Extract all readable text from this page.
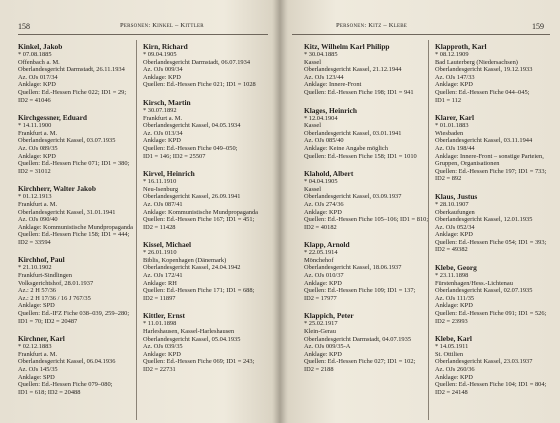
158	Personen: Kinkel – Kittler
Kinkel, Jakob
* 07.08.1885
Offenbach a. M.
Oberlandesgericht Darmstadt, 26.11.1934
Az. OJs 017/34
Anklage: KPD
Quellen: Ed.-Hessen Fiche 022; ID1 = 29;
ID2 = 41046
Kirchgessner, Eduard
* 14.11.1900
Frankfurt a. M.
Oberlandesgericht Kassel, 03.07.1935
Az. OJs 089/35
Anklage: KPD
Quellen: Ed.-Hessen Fiche 071; ID1 = 380;
ID2 = 31012
Kirchherr, Walter Jakob
* 01.12.1913
Frankfurt a. M.
Oberlandesgericht Kassel, 31.01.1941
Az. OJs 090/40
Anklage: Kommunistische Mundpropaganda
Quellen: Ed.-Hessen Fiche 158; ID1 = 444;
ID2 = 33594
Kirchhof, Paul
* 21.10.1902
Frankfurt-Sindlingen
Volksgerichtshof, 28.01.1937
Az.: 2 H 57/36
Az.: 2 H 17/36 / 16 J 767/35
Anklage: SPD
Quellen: Ed.-IFZ Fiche 038–039, 259–280;
ID1 = 70; ID2 = 20487
Kirchner, Karl
* 02.12.1883
Frankfurt a. M.
Oberlandesgericht Kassel, 06.04.1936
Az. OJs 145/35
Anklage: SPD
Quellen: Ed.-Hessen Fiche 079–080;
ID1 = 618; ID2 = 20488
Kirn, Richard
* 09.04.1905
Oberlandesgericht Darmstadt, 06.07.1934
Az. OJs 009/34
Anklage: KPD
Quellen: Ed.-Hessen Fiche 021; ID1 = 1028
Kirsch, Martin
* 30.07.1892
Frankfurt a. M.
Oberlandesgericht Kassel, 04.05.1934
Az. OJs 013/34
Anklage: KPD
Quellen: Ed.-Hessen Fiche 049–050;
ID1 = 146; ID2 = 25507
Kirvel, Heinrich
* 16.11.1910
Neu-Isenburg
Oberlandesgericht Kassel, 26.09.1941
Az. OJs 087/41
Anklage: Kommunistische Mundpropaganda
Quellen: Ed.-Hessen Fiche 167; ID1 = 451;
ID2 = 11428
Kissel, Michael
* 26.01.1910
Biblis, Kopenhagen (Dänemark)
Oberlandesgericht Kassel, 24.04.1942
Az. OJs 172/41
Anklage: RH
Quellen: Ed.-Hessen Fiche 171; ID1 = 688;
ID2 = 11897
Kittler, Ernst
* 11.01.1898
Harleshausen, Kassel-Harleshausen
Oberlandesgericht Kassel, 05.04.1935
Az. OJs 039/35
Anklage: KPD
Quellen: Ed.-Hessen Fiche 069; ID1 = 243;
ID2 = 22731
Personen: Kitz – Klebe	159
Kitz, Wilhelm Karl Philipp
* 30.04.1885
Kassel
Oberlandesgericht Kassel, 21.12.1944
Az. OJs 123/44
Anklage: Innere-Front
Quellen: Ed.-Hessen Fiche 198; ID1 = 941
Klages, Heinrich
* 12.04.1904
Kassel
Oberlandesgericht Kassel, 03.01.1941
Az. OJs 085/40
Anklage: Keine Angabe möglich
Quellen: Ed.-Hessen Fiche 158; ID1 = 1010
Klahold, Albert
* 04.04.1905
Kassel
Oberlandesgericht Kassel, 03.09.1937
Az. OJs 274/36
Anklage: KPD
Quellen: Ed.-Hessen Fiche 105–106; ID1 = 810;
ID2 = 40182
Klapp, Arnold
* 22.05.1914
Mönchehof
Oberlandesgericht Kassel, 18.06.1937
Az. OJs 010/37
Anklage: KPD
Quellen: Ed.-Hessen Fiche 109; ID1 = 137;
ID2 = 17977
Klappich, Peter
* 25.02.1917
Klein-Gerau
Oberlandesgericht Darmstadt, 04.07.1935
Az. OJs 009/35-A
Anklage: KPD
Quellen: Ed.-Hessen Fiche 027; ID1 = 102;
ID2 = 2188
Klapproth, Karl
* 08.12.1909
Bad Lauterberg (Niedersachsen)
Oberlandesgericht Kassel, 19.12.1933
Az. OJs 147/33
Anklage: KPD
Quellen: Ed.-Hessen Fiche 044–045;
ID1 = 112
Klarer, Karl
* 01.01.1883
Wiesbaden
Oberlandesgericht Kassel, 03.11.1944
Az. OJs 198/44
Anklage: Innere-Front – sonstige Parteien,
Gruppen, Organisationen
Quellen: Ed.-Hessen Fiche 197; ID1 = 733;
ID2 = 892
Klaus, Justus
* 28.10.1907
Oberkaufungen
Oberlandesgericht Kassel, 12.01.1935
Az. OJs 052/34
Anklage: KPD
Quellen: Ed.-Hessen Fiche 054; ID1 = 393;
ID2 = 49382
Klebe, Georg
* 23.11.1898
Fürstenhagen/Hess.-Lichtenau
Oberlandesgericht Kassel, 02.07.1935
Az. OJs 111/35
Anklage: KPD
Quellen: Ed.-Hessen Fiche 091; ID1 = 526;
ID2 = 23993
Klebe, Karl
* 14.05.1911
St. Ottilien
Oberlandesgericht Kassel, 23.03.1937
Az. OJs 260/36
Anklage: KPD
Quellen: Ed.-Hessen Fiche 104; ID1 = 804;
ID2 = 24148
